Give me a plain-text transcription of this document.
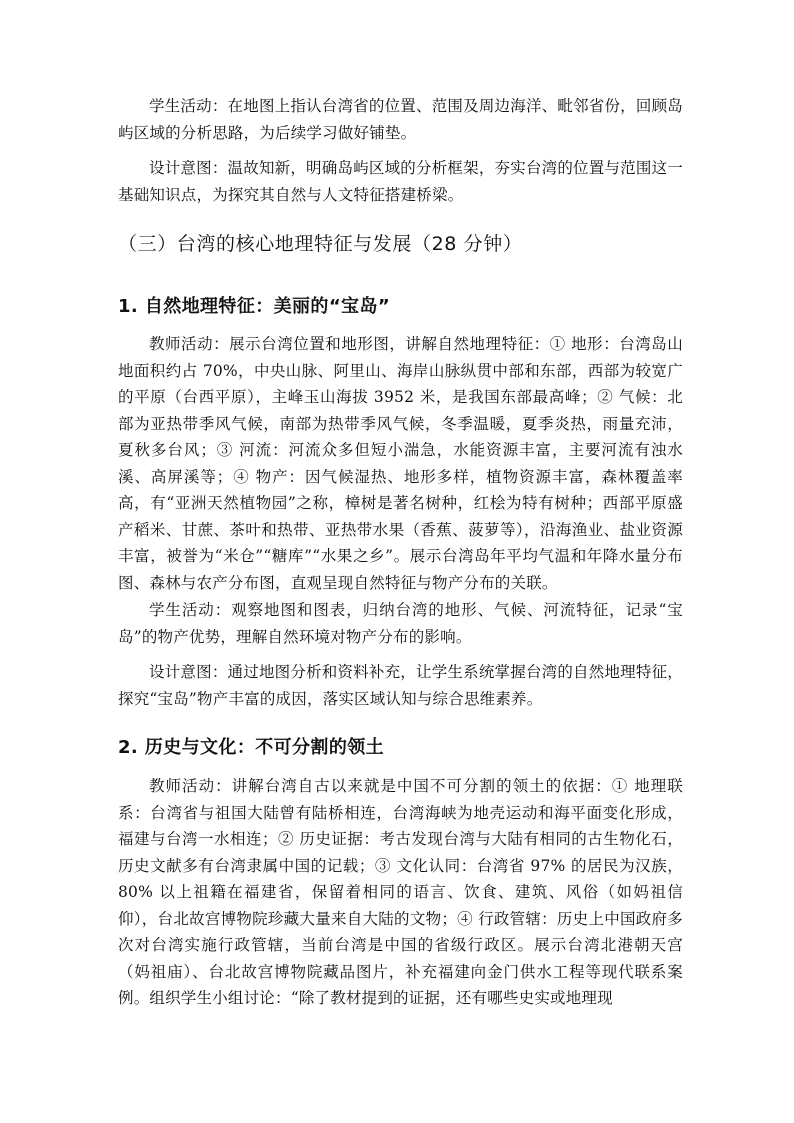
学生活动：在地图上指认台湾省的位置、范围及周边海洋、毗邻省份，回顾岛屿区域的分析思路，为后续学习做好铺垫。

设计意图：温故知新，明确岛屿区域的分析框架，夯实台湾的位置与范围这一基础知识点，为探究其自然与人文特征搭建桥梁。

（三）台湾的核心地理特征与发展（28 分钟）
1. 自然地理特征：美丽的“宝岛”

教师活动：展示台湾位置和地形图，讲解自然地理特征：① 地形：台湾岛山地面积约占 70%，中央山脉、阿里山、海岸山脉纵贯中部和东部，西部为较宽广的平原（台西平原），主峰玉山海拔 3952 米，是我国东部最高峰；② 气候：北部为亚热带季风气候，南部为热带季风气候，冬季温暖，夏季炎热，雨量充沛，夏秋多台风；③ 河流：河流众多但短小湍急，水能资源丰富，主要河流有浊水溪、高屏溪等；④ 物产：因气候湿热、地形多样，植物资源丰富，森林覆盖率高，有“亚洲天然植物园”之称，樟树是著名树种，红桧为特有树种；西部平原盛产稻米、甘蔗、茶叶和热带、亚热带水果（香蕉、菠萝等），沿海渔业、盐业资源丰富，被誉为“米仓”“糖库”“水果之乡”。展示台湾岛年平均气温和年降水量分布图、森林与农产分布图，直观呈现自然特征与物产分布的关联。

学生活动：观察地图和图表，归纳台湾的地形、气候、河流特征，记录“宝岛”的物产优势，理解自然环境对物产分布的影响。

设计意图：通过地图分析和资料补充，让学生系统掌握台湾的自然地理特征，探究“宝岛”物产丰富的成因，落实区域认知与综合思维素养。

2. 历史与文化：不可分割的领土

教师活动：讲解台湾自古以来就是中国不可分割的领土的依据：① 地理联系：台湾省与祖国大陆曾有陆桥相连，台湾海峡为地壳运动和海平面变化形成，福建与台湾一水相连；② 历史证据：考古发现台湾与大陆有相同的古生物化石，历史文献多有台湾隶属中国的记载；③ 文化认同：台湾省 97% 的居民为汉族，80% 以上祖籍在福建省，保留着相同的语言、饮食、建筑、风俗（如妈祖信仰），台北故宫博物院珍藏大量来自大陆的文物；④ 行政管辖：历史上中国政府多次对台湾实施行政管辖，当前台湾是中国的省级行政区。展示台湾北港朝天宫（妈祖庙）、台北故宫博物院藏品图片，补充福建向金门供水工程等现代联系案例。组织学生小组讨论：“除了教材提到的证据，还有哪些史实或地理现
